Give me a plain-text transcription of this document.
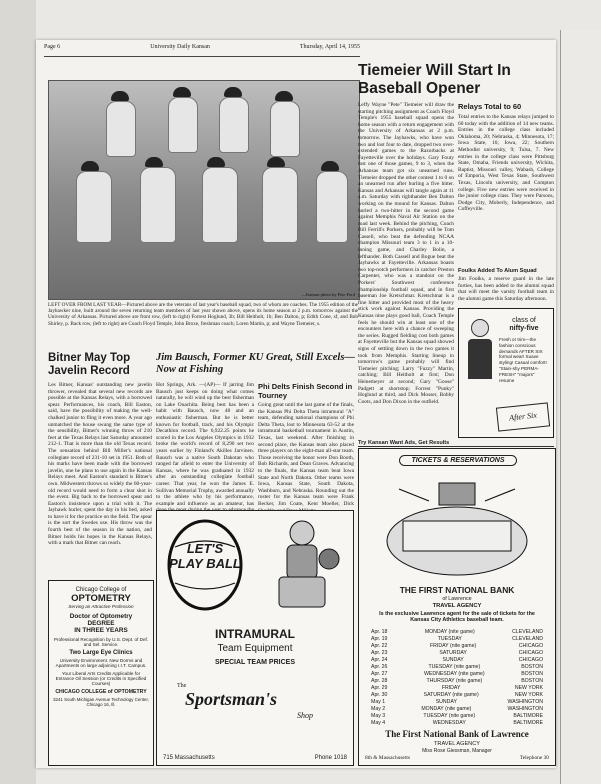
Page 6	University Daily Kansan	Thursday, April 14, 1955
—Kansan photo by Pete Ford
LEFT OVER FROM LAST YEAR—Pictured above are the veterans of last year's baseball squad, two of whom are coaches. The 1955 edition of the Jayhawker nine, built around the seven returning team members of last year shown above, opens its home season at 2 p.m. tomorrow against the University of Arkansas. Pictured above are front row, (left to right) Forrest Hoglund, 3b; Bill Heitholt, 1b; Ben Dalton, p; Edith Cone, sf, and Bob Shirley, p. Back row, (left to right) are Coach Floyd Temple, John Broxe, freshman coach; Loren Martin, p; and Wayne Tiemeier, s.
Tiemeier Will Start In Baseball Opener
Leffy Wayne "Pete" Tiemeier will draw the starting pitching assignment as Coach Floyd Temple's 1955 baseball squad opens the home season with a return engagement with the University of Arkansas at 2 p.m. tomorrow. The Jayhawks, who have won two and lost four to date, dropped two over-extended games to the Razorbacks at Fayetteville over the holidays. Gary Fouty lost one of those games, 9 to 3, when the Arkansas team got six unearned runs. Tiemeier dropped the other contest 1 to 0 on an unearned run after hurling a five hitter. Kansas and Arkansas will tangle again at 11 a.m. Saturday with righthander Ben Dalton working on the mound for Kansas. Dalton hurled a two-hitter in the second game against Memphis Naval Air Station on the road last week. Behind the pitching, Coach Bill Ferrill's Porkers, probably will be Tom Cassell, who beat the defending NCAA champion Missouri team 3 to 1 in a 10-inning game, and Charley Bolin, a lefthander. Both Cassell and Bogue beat the Jayhawks at Fayetteville. Arkansas boasts two top-notch performers in catcher Preston Carpenter, who was a standout on the Porkers' Southwest conference championship football squad, and in first baseman Joe Kretschmar. Kretschmar is a fine hitter and provided most of the heavy stick work against Kansas. Providing the Kansas nine plays good ball, Coach Temple feels he should win at least one of the encounters here with a chance of sweeping the series. Rugged fielding cost both games at Fayetteville but the Kansas squad showed signs of settling down in the two games it took from Memphis. Starting lineup in tomorrow's game probably will find Tiemeier pitching; Larry "Fuzzy" Martin, catching; Bill Heitholt at first; Don Heinemeyer at second; Gary "Goose" Padgett at shortstop; Forrest "Punky" Hoglund at third, and Dick Mosser, Bobby Coots, and Don Dixon in the outfield.
Relays Total to 60
Total entries to the Kansas relays jumped to 60 today with the addition of 14 new teams. Entries in the college class included Oklahoma, 20; Nebraska, 4; Minnesota, 17; Iowa State, 16; Iowa, 22; Southern Methodist university, 9; Tulsa, 7. New entries in the college class were Pittsburg State, Omaha, Friends university, Wichita, Baptist, Missouri valley, Wabash, College of Emporia, West Texas State, Southwest Texas, Lincoln university, and Compton college. Five new entries were received in the junior college class. They were Parsons, Dodge City, Moberly, Independence, and Coffeyville.
Foulks Added To Alum Squad
Jim Foulks, a reserve guard in the late forties, has been added to the alumni squad that will meet the varsity football team in the alumni game this Saturday afternoon.
class of
nifty-five
Fresh or trim—the fashion conscious demands AFTER SIX formal wear! Suave styling! Casual comfort! "Stain-shy PERMA-FRESH" "majors" resume
After Six
Bitner May Top Javelin Record
Les Bitner, Kansas' outstanding new javelin thrower, revealed that several new records are possible at the Kansas Relays, with a borrowed spear. Performances, his coach, Bill Easton, said, have the possibility of making the well-chalked junior to fling it even more. A year ago unmatched the house swung the same type of the sensibility, Bitner's winning throw of 210 feet at the Texas Relays last Saturday amounted 212-1. That is more than the old Texas record. The sensation behind Bill Miller's national collegiate record of 231-10 set in 1951. Both of his marks have been made with the borrowed javelin, one he plans to use again in the Kansas Relays meet. And Easton's standard is Bitner's own. Midwestern throws so widely the 60-year-old record would need to form a clear shot in the event. Big back to the borrowed spear and Easton's insistence upon a trial with it. The Jayhawk hurler, spent the day in his bed, asked to have it for the practice on the field. The spear is the sort the Swedes use. His throw was the fourth best of the season in the nation, and Bitner holds his hopes in the Kansas Relays, with a mark that Bitner can reach.
Jim Bausch, Former KU Great, Still Excels—Now at Fishing
Hot Springs, Ark. —(AP)— If jarring Jim Bausch just keeps on doing what comes naturally, he will wind up the best fisherman on Lake Ouachita. Being best has been a habit with Bausch, now 48 and an enthusiastic fisherman. But he is better known for football, track, and his Olympic Decathlon record. The 6,922.25 points he scored in the Los Angeles Olympics in 1932 broke the world's record of 8,290 set two years earlier by Finland's Akilles Jarvinen. Bausch was a native South Dakotan who ranged far afield to enter the University of Kansas, where he was graduated in 1932 after an outstanding collegiate football career. That year, he won the James E. Sullivan Memorial Trophy, awarded annually to the athlete who by his performance, example and influence as an amateur, has
Phi Delts Finish Second in Tourney
Going great until the last game of the finals, the Kansas Phi Delta Theta intramural "A" team, defending national champions of Phi Delta Theta, lost to Minnesota 63-52 at the intramural basketball tournament in Austin, Texas, last weekend. After finishing in second place, the Kansas team also placed three players on the eight-man all-star team. Those receiving the honor were Don Booth, Bob Richards, and Dean Graves. Advancing to the finals, the Kansas team beat Iowa State and North Dakota. Other teams were Iowa, Kansas State, South Dakota, Washburn, and Nebraska. Rounding out the roster for the Kansas team were Frank Becker, Jim Coate, Kent Moeller, Dick
Try Kansan Want Ads, Get Results
Chicago College of
OPTOMETRY
Serving an Attractive Profession
Doctor of Optometry
DEGREE
IN THREE YEARS
Professional Recognition by U.S. Dept. of Def. and Sel. Service.
Two Large Eye Clinics
University Environment. New Dorms and Apartments on large adjoining I.I.T. Campus.
Your Liberal Arts Credits Applicable for Entrance Oil Session (or Credits in Specified Courses)
CHICAGO COLLEGE of OPTOMETRY
3241 South Michigan Avenue Technology Center, Chicago 16, Ill.
LET'S PLAY BALL
INTRAMURAL
Team Equipment
SPECIAL TEAM PRICES
The
Sportsman's
Shop
715 Massachusetts	Phone 1018
TICKETS & RESERVATIONS
THE FIRST NATIONAL BANK
of Lawrence
TRAVEL AGENCY
Is the exclusive Lawrence agent for the sale of tickets for the Kansas City Athletics baseball team.
Apr. 18	MONDAY (nite game)	CLEVELAND
Apr. 19	TUESDAY	CLEVELAND
Apr. 22	FRIDAY (nite game)	CHICAGO
Apr. 23	SATURDAY	CHICAGO
Apr. 24	SUNDAY	CHICAGO
Apr. 26	TUESDAY (nite game)	BOSTON
Apr. 27	WEDNESDAY (nite game)	BOSTON
Apr. 28	THURSDAY (nite game)	BOSTON
Apr. 29	FRIDAY	NEW YORK
Apr. 30	SATURDAY (nite game)	NEW YORK
May 1	SUNDAY	WASHINGTON
May 2	MONDAY (nite game)	WASHINGTON
May 3	TUESDAY (nite game)	BALTIMORE
May 4	WEDNESDAY	BALTIMORE
The First National Bank of Lawrence
TRAVEL AGENCY
Miss Rose Giessman, Manager
8th & Massachusetts	Telephone 30
